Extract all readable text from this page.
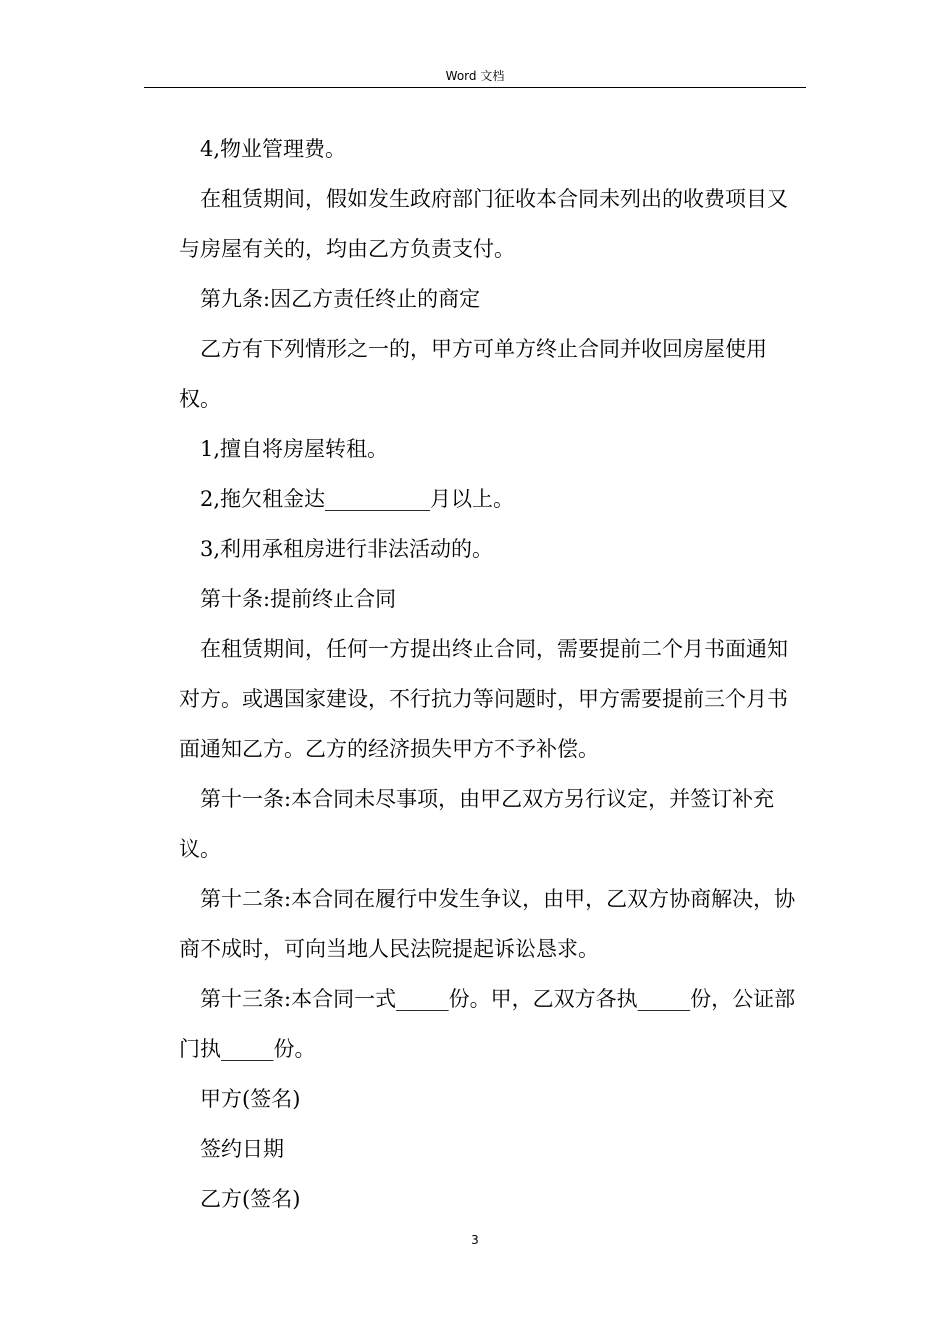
Word 文档

4,物业管理费。

在租赁期间，假如发生政府部门征收本合同未列出的收费项目又与房屋有关的，均由乙方负责支付。

第九条:因乙方责任终止的商定

乙方有下列情形之一的，甲方可单方终止合同并收回房屋使用权。

1,擅自将房屋转租。

2,拖欠租金达__________月以上。

3,利用承租房进行非法活动的。

第十条:提前终止合同

在租赁期间，任何一方提出终止合同，需要提前二个月书面通知对方。或遇国家建设，不行抗力等问题时，甲方需要提前三个月书面通知乙方。乙方的经济损失甲方不予补偿。

第十一条:本合同未尽事项，由甲乙双方另行议定，并签订补充议。

第十二条:本合同在履行中发生争议，由甲，乙双方协商解决，协商不成时，可向当地人民法院提起诉讼恳求。

第十三条:本合同一式_____份。甲，乙双方各执_____份，公证部门执_____份。

甲方(签名)

签约日期

乙方(签名)

3
